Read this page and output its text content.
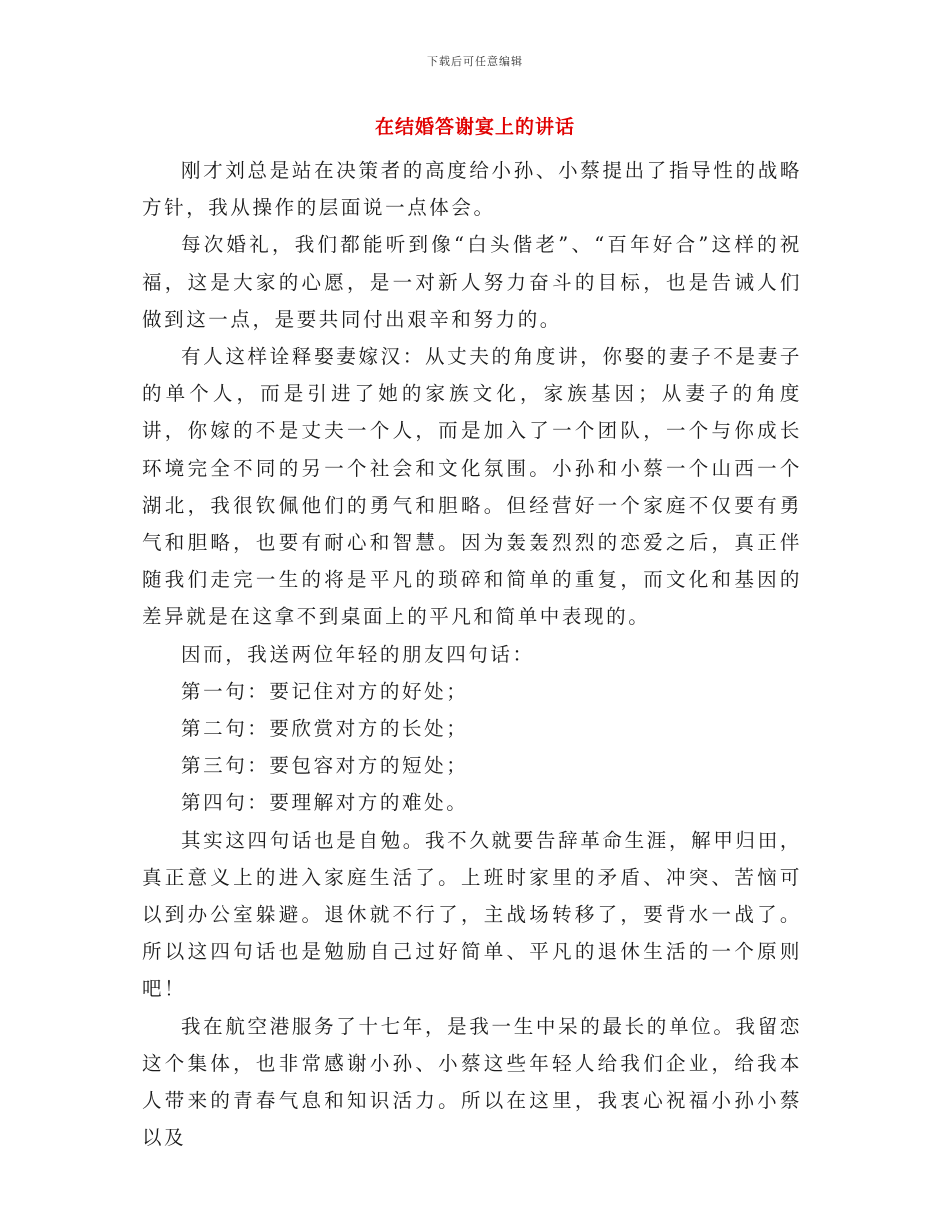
下载后可任意编辑
在结婚答谢宴上的讲话

刚才刘总是站在决策者的高度给小孙、小蔡提出了指导性的战略方针，我从操作的层面说一点体会。

每次婚礼，我们都能听到像“白头偕老”、“百年好合”这样的祝福，这是大家的心愿，是一对新人努力奋斗的目标，也是告诫人们做到这一点，是要共同付出艰辛和努力的。

有人这样诠释娶妻嫁汉：从丈夫的角度讲，你娶的妻子不是妻子的单个人，而是引进了她的家族文化，家族基因；从妻子的角度讲，你嫁的不是丈夫一个人，而是加入了一个团队，一个与你成长环境完全不同的另一个社会和文化氛围。小孙和小蔡一个山西一个湖北，我很钦佩他们的勇气和胆略。但经营好一个家庭不仅要有勇气和胆略，也要有耐心和智慧。因为轰轰烈烈的恋爱之后，真正伴随我们走完一生的将是平凡的琐碎和简单的重复，而文化和基因的差异就是在这拿不到桌面上的平凡和简单中表现的。

因而，我送两位年轻的朋友四句话：

第一句：要记住对方的好处；

第二句：要欣赏对方的长处；

第三句：要包容对方的短处；

第四句：要理解对方的难处。

其实这四句话也是自勉。我不久就要告辞革命生涯，解甲归田，真正意义上的进入家庭生活了。上班时家里的矛盾、冲突、苦恼可以到办公室躲避。退休就不行了，主战场转移了，要背水一战了。所以这四句话也是勉励自己过好简单、平凡的退休生活的一个原则吧！

我在航空港服务了十七年，是我一生中呆的最长的单位。我留恋这个集体，也非常感谢小孙、小蔡这些年轻人给我们企业，给我本人带来的青春气息和知识活力。所以在这里，我衷心祝福小孙小蔡以及
